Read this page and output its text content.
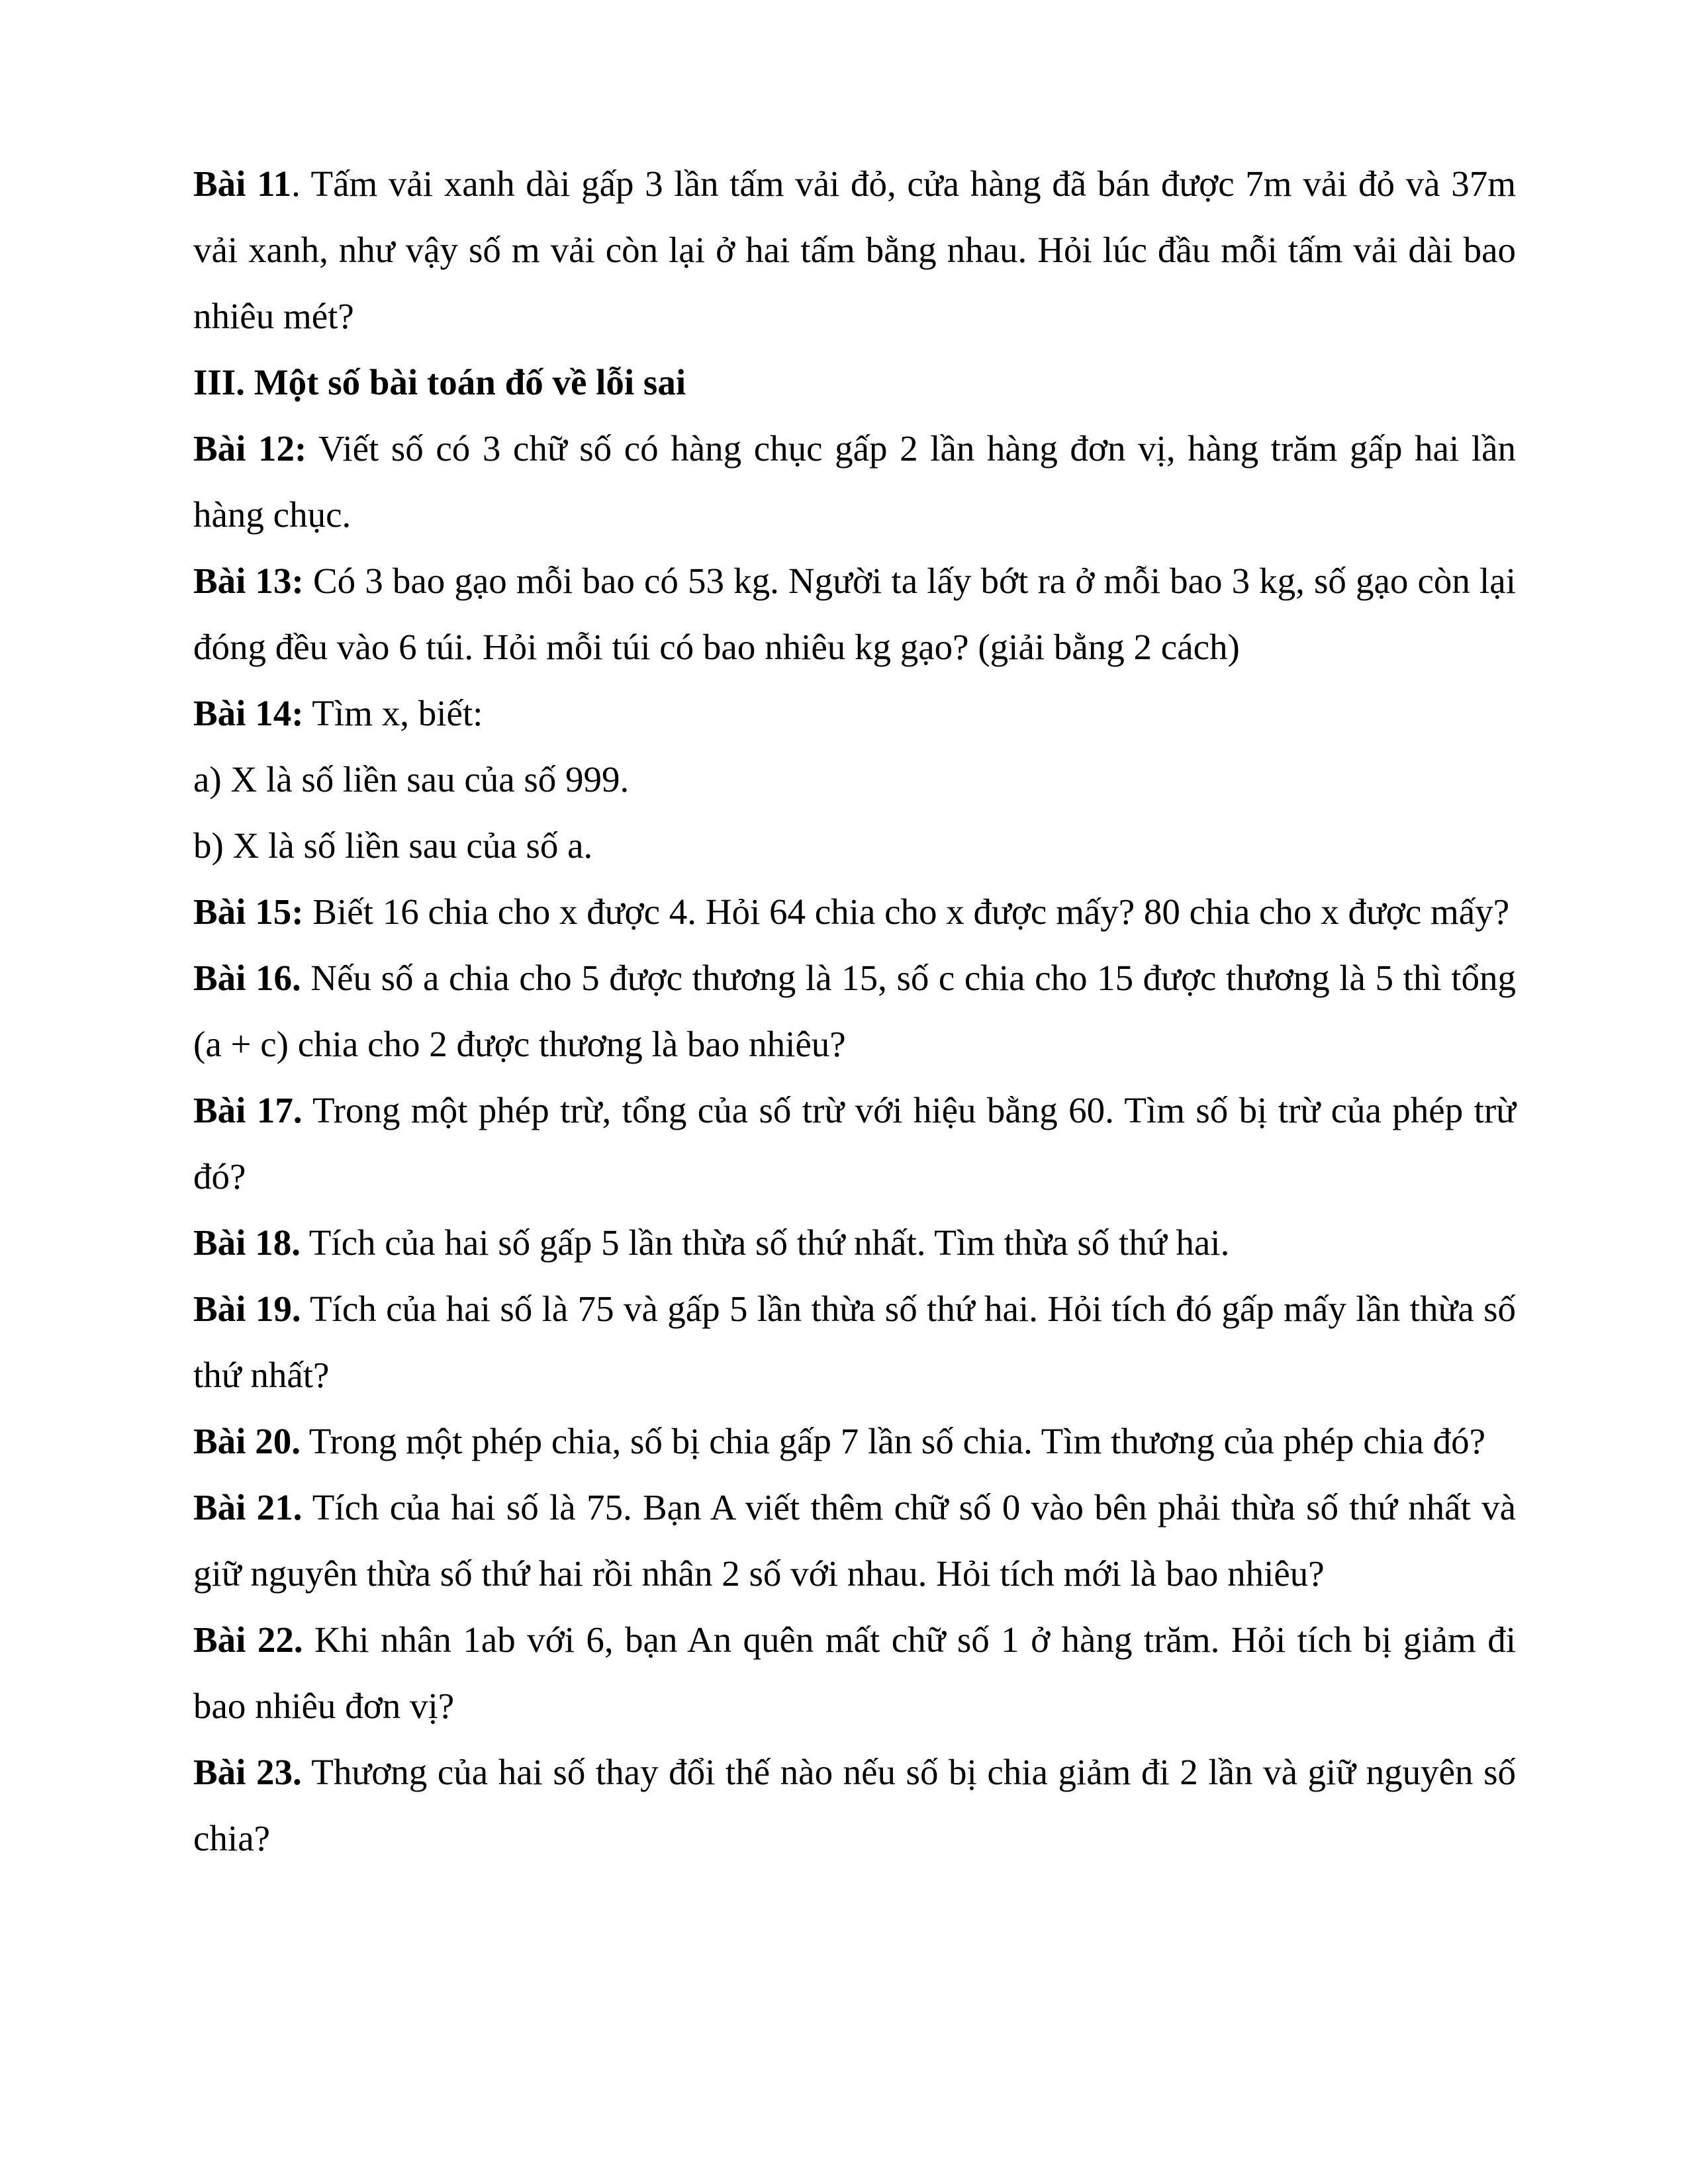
Bài 11. Tấm vải xanh dài gấp 3 lần tấm vải đỏ, cửa hàng đã bán được 7m vải đỏ và 37m vải xanh, như vậy số m vải còn lại ở hai tấm bằng nhau. Hỏi lúc đầu mỗi tấm vải dài bao nhiêu mét?

III. Một số bài toán đố về lỗi sai

Bài 12: Viết số có 3 chữ số có hàng chục gấp 2 lần hàng đơn vị, hàng trăm gấp hai lần hàng chục.

Bài 13: Có 3 bao gạo mỗi bao có 53 kg. Người ta lấy bớt ra ở mỗi bao 3 kg, số gạo còn lại đóng đều vào 6 túi. Hỏi mỗi túi có bao nhiêu kg gạo? (giải bằng 2 cách)

Bài 14: Tìm x, biết:

a) X là số liền sau của số 999.

b) X là số liền sau của số a.

Bài 15: Biết 16 chia cho x được 4. Hỏi 64 chia cho x được mấy? 80 chia cho x được mấy?

Bài 16. Nếu số a chia cho 5 được thương là 15, số c chia cho 15 được thương là 5 thì tổng (a + c) chia cho 2 được thương là bao nhiêu?

Bài 17. Trong một phép trừ, tổng của số trừ với hiệu bằng 60. Tìm số bị trừ của phép trừ đó?

Bài 18. Tích của hai số gấp 5 lần thừa số thứ nhất. Tìm thừa số thứ hai.

Bài 19. Tích của hai số là 75 và gấp 5 lần thừa số thứ hai. Hỏi tích đó gấp mấy lần thừa số thứ nhất?

Bài 20. Trong một phép chia, số bị chia gấp 7 lần số chia. Tìm thương của phép chia đó?

Bài 21. Tích của hai số là 75. Bạn A viết thêm chữ số 0 vào bên phải thừa số thứ nhất và giữ nguyên thừa số thứ hai rồi nhân 2 số với nhau. Hỏi tích mới là bao nhiêu?

Bài 22. Khi nhân 1ab với 6, bạn An quên mất chữ số 1 ở hàng trăm. Hỏi tích bị giảm đi bao nhiêu đơn vị?

Bài 23. Thương của hai số thay đổi thế nào nếu số bị chia giảm đi 2 lần và giữ nguyên số chia?
